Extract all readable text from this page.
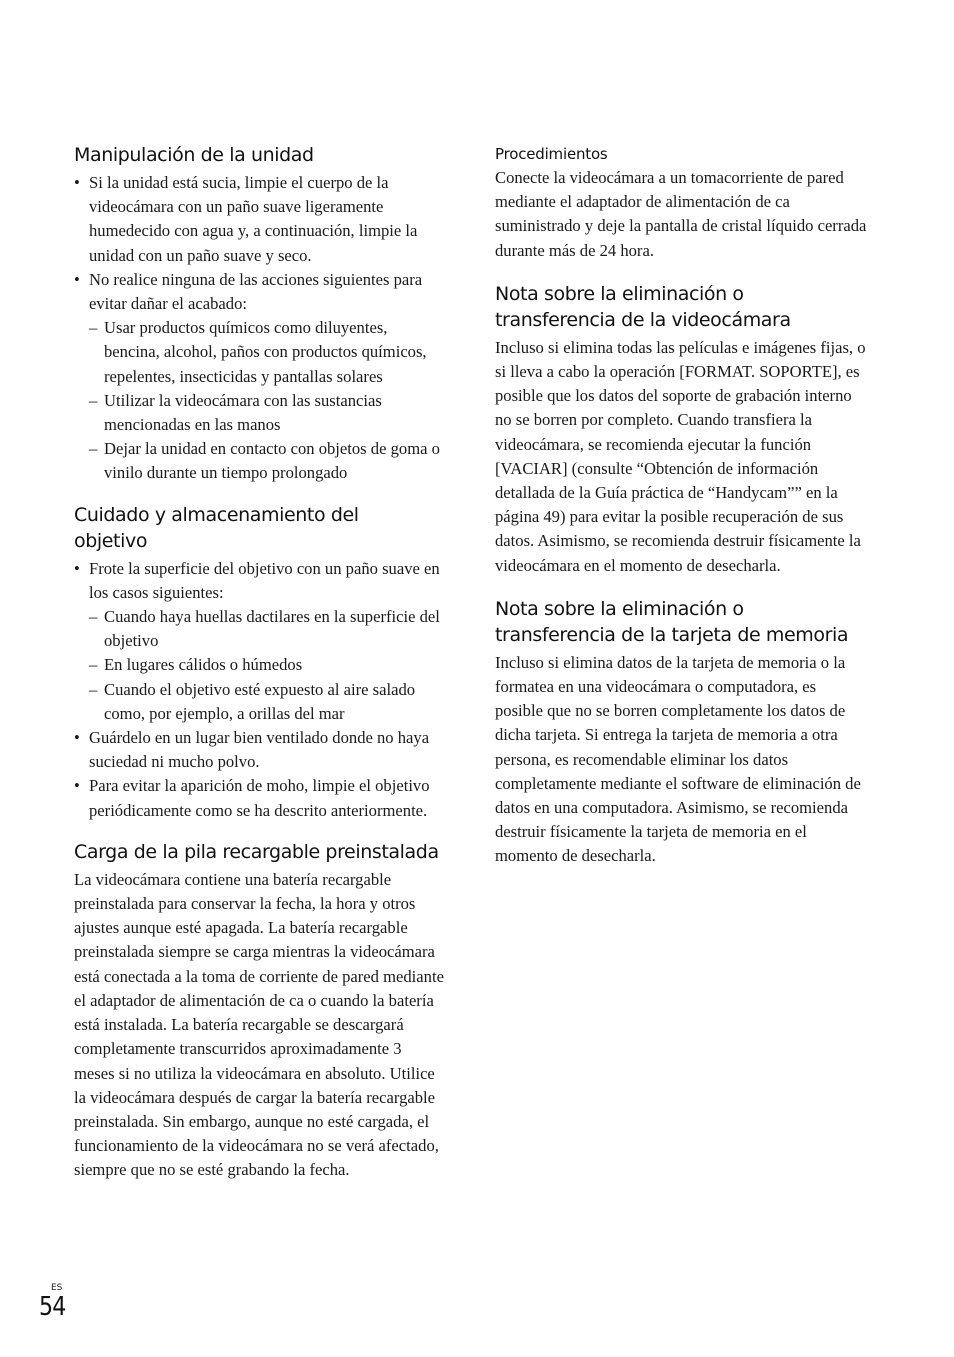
Manipulación de la unidad
• Si la unidad está sucia, limpie el cuerpo de la videocámara con un paño suave ligeramente humedecido con agua y, a continuación, limpie la unidad con un paño suave y seco.
• No realice ninguna de las acciones siguientes para evitar dañar el acabado:
– Usar productos químicos como diluyentes, bencina, alcohol, paños con productos químicos, repelentes, insecticidas y pantallas solares
– Utilizar la videocámara con las sustancias mencionadas en las manos
– Dejar la unidad en contacto con objetos de goma o vinilo durante un tiempo prolongado
Cuidado y almacenamiento del objetivo
• Frote la superficie del objetivo con un paño suave en los casos siguientes:
– Cuando haya huellas dactilares en la superficie del objetivo
– En lugares cálidos o húmedos
– Cuando el objetivo esté expuesto al aire salado como, por ejemplo, a orillas del mar
• Guárdelo en un lugar bien ventilado donde no haya suciedad ni mucho polvo.
• Para evitar la aparición de moho, limpie el objetivo periódicamente como se ha descrito anteriormente.
Carga de la pila recargable preinstalada

La videocámara contiene una batería recargable preinstalada para conservar la fecha, la hora y otros ajustes aunque esté apagada. La batería recargable preinstalada siempre se carga mientras la videocámara está conectada a la toma de corriente de pared mediante el adaptador de alimentación de ca o cuando la batería está instalada. La batería recargable se descargará completamente transcurridos aproximadamente 3 meses si no utiliza la videocámara en absoluto. Utilice la videocámara después de cargar la batería recargable preinstalada. Sin embargo, aunque no esté cargada, el funcionamiento de la videocámara no se verá afectado, siempre que no se esté grabando la fecha.

Procedimientos

Conecte la videocámara a un tomacorriente de pared mediante el adaptador de alimentación de ca suministrado y deje la pantalla de cristal líquido cerrada durante más de 24 hora.

Nota sobre la eliminación o transferencia de la videocámara

Incluso si elimina todas las películas e imágenes fijas, o si lleva a cabo la operación [FORMAT. SOPORTE], es posible que los datos del soporte de grabación interno no se borren por completo. Cuando transfiera la videocámara, se recomienda ejecutar la función [VACIAR] (consulte “Obtención de información detallada de la Guía práctica de “Handycam”” en la página 49) para evitar la posible recuperación de sus datos. Asimismo, se recomienda destruir físicamente la videocámara en el momento de desecharla.

Nota sobre la eliminación o transferencia de la tarjeta de memoria

Incluso si elimina datos de la tarjeta de memoria o la formatea en una videocámara o computadora, es posible que no se borren completamente los datos de dicha tarjeta. Si entrega la tarjeta de memoria a otra persona, es recomendable eliminar los datos completamente mediante el software de eliminación de datos en una computadora. Asimismo, se recomienda destruir físicamente la tarjeta de memoria en el momento de desecharla.

ES
54
